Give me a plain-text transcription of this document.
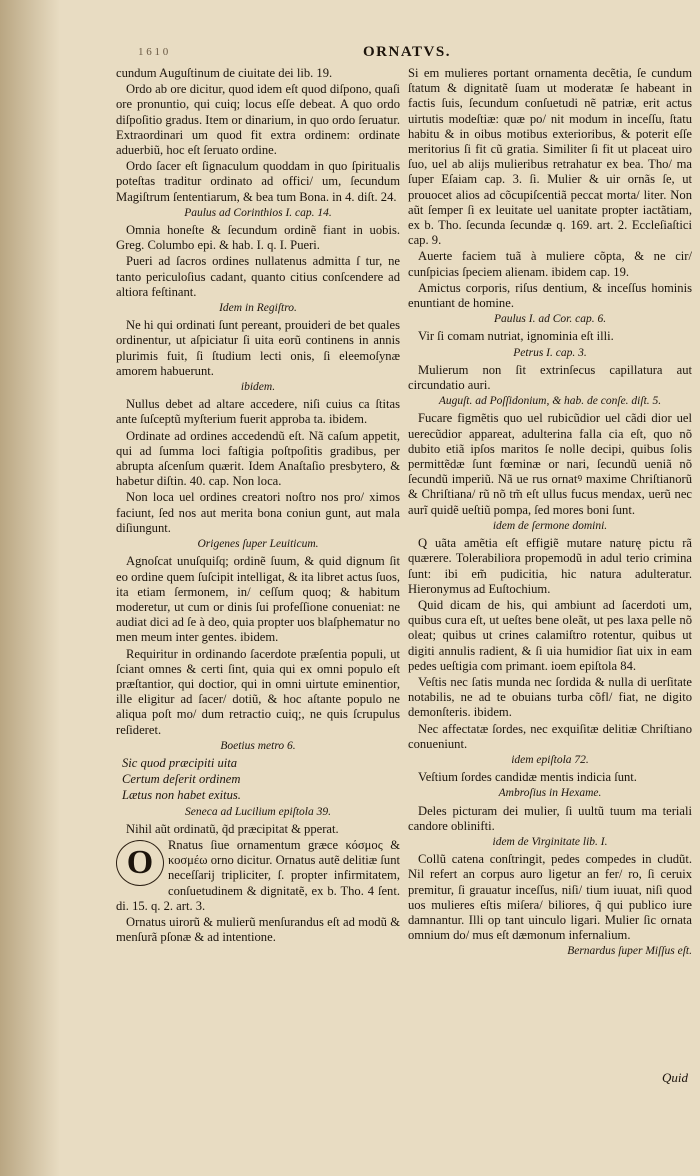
1 6 1 0	ORNATVS.

cundum Auguſtinum de ciuitate dei lib. 19.

Ordo ab ore dicitur, quod idem eſt quod diſpono, quaſi ore pronuntio, qui cuiq; locus eſſe debeat. A quo ordo diſpoſitio gradus. Item or dinarium, in quo ordo ſeruatur. Extraordinari um quod fit extra ordinem: ordinate aduerbiũ, hoc eſt ſeruato ordine.

Ordo ſacer eſt ſignaculum quoddam in quo ſpiritualis poteſtas traditur ordinato ad offici/ um, ſecundum Magiſtrum ſententiarum, & bea tum Bona. in 4. diſt. 24.

Paulus ad Corinthios I. cap. 14.

Omnia honeſte & ſecundum ordinẽ fiant in uobis. Greg. Columbo epi. & hab. I. q. I. Pueri.

Pueri ad ſacros ordines nullatenus admitta ſ tur, ne tanto periculoſius cadant, quanto citius conſcendere ad altiora feſtinant.

Idem in Regiſtro.

Ne hi qui ordinati ſunt pereant, prouideri de bet quales ordinentur, ut aſpiciatur ſi uita eorũ continens in annis plurimis fuit, ſi ſtudium lecti onis, ſi eleemoſynæ amorem habuerunt.

ibidem.

Nullus debet ad altare accedere, niſi cuius ca ſtitas ante ſuſceptũ myſterium fuerit approba ta. ibidem.

Ordinate ad ordines accedendũ eſt. Nã caſum appetit, qui ad ſumma loci faſtigia poſtpoſitis gradibus, per abrupta aſcenſum quærit. Idem Anaſtaſio presbytero, & habetur diſtin. 40. cap. Non loca.

Non loca uel ordines creatori noſtro nos pro/ ximos faciunt, ſed nos aut merita bona coniun gunt, aut mala diſiungunt.

Origenes ſuper Leuiticum.

Agnoſcat unuſquiſq; ordinẽ ſuum, & quid dignum ſit eo ordine quem ſuſcipit intelligat, & ita libret actus ſuos, ita etiam ſermonem, in/ ceſſum quoq; & habitum moderetur, ut cum or dinis ſui profeſſione conueniat: ne audiat dici ad ſe à deo, quia propter uos blaſphematur no men meum inter gentes. ibidem.

Requiritur in ordinando ſacerdote præſentia populi, ut ſciant omnes & certi ſint, quia qui ex omni populo eſt præſtantior, qui doctior, qui in omni uirtute eminentior, ille eligitur ad ſacer/ dotiũ, & hoc aſtante populo ne aliqua poſt mo/ dum retractio cuiq;, ne quis ſcrupulus reſideret.

Boetius metro 6.

Sic quod præcipiti uita

Certum deſerit ordinem

Lætus non habet exitus.

Seneca ad Lucilium epiſtola 39.

Nihil aũt ordinatũ, q̃d præcipitat & pperat.

O	Rnatus ſiue ornamentum græce κόσμος & κοσμέω orno dicitur. Ornatus autẽ delitiæ ſunt neceſſarij tripliciter, ſ. propter infirmitatem, conſuetudinem & dignitatẽ, ex b. Tho. 4 ſent. di. 15. q. 2. art. 3.

Ornatus uirorũ & mulierũ menſurandus eſt ad modũ & menſurã pſonæ & ad intentione.

Si em mulieres portant ornamenta decẽtia, ſe cundum ſtatum & dignitatẽ ſuam ut moderatæ ſe habeant in factis ſuis, ſecundum conſuetudi nẽ patriæ, erit actus uirtutis modeſtiæ: quæ po/ nit modum in inceſſu, ſtatu habitu & in oibus motibus exterioribus, & poterit eſſe meritorius ſi fit cũ gratia. Similiter ſi fit ut placeat uiro ſuo, uel ab alijs mulieribus retrahatur ex bea. Tho/ ma ſuper Eſaiam cap. 3. ſi. Mulier & uir ornãs ſe, ut prouocet alios ad cõcupiſcentiã peccat morta/ liter. Non aũt ſemper ſi ex leuitate uel uanitate propter iactãtiam, ex b. Tho. ſecunda ſecundæ q. 169. art. 2. Eccleſiaſtici cap. 9.

Auerte faciem tuã à muliere cõpta, & ne cir/ cunſpicias ſpeciem alienam. ibidem cap. 19.

Amictus corporis, riſus dentium, & inceſſus hominis enuntiant de homine.

Paulus I. ad Cor. cap. 6.

Vir ſi comam nutriat, ignominia eſt illi.

Petrus I. cap. 3.

Mulierum non ſit extrinſecus capillatura aut circundatio auri.

Auguſt. ad Poſſidonium, & hab. de conſe. diſt. 5.

Fucare figmẽtis quo uel rubicũdior uel cãdi dior uel uerecũdior appareat, adulterina falla cia eſt, quo nõ dubito etiã ipſos maritos ſe nolle decipi, quibus ſolis permittẽdæ ſunt fœminæ or nari, ſecundũ ueniã nõ ſecundũ imperiũ. Nã ue rus ornatꝰ maxime Chriſtianorũ & Chriſtiana/ rũ nõ tm̃ eſt ullus fucus mendax, uerũ nec aurĩ quidẽ ueſtiũ pompa, ſed mores boni ſunt.

idem de ſermone domini.

Q uãta amẽtia eſt effigiẽ mutare naturę pictu rã quærere. Tolerabiliora propemodũ in adul terio crimina ſunt: ibi em̃ pudicitia, hic natura adulteratur. Hieronymus ad Euſtochium.

Quid dicam de his, qui ambiunt ad ſacerdoti um, quibus cura eſt, ut ueſtes bene oleãt, ut pes laxa pelle nõ oleat; quibus ut crines calamiſtro rotentur, quibus ut digiti annulis radient, & ſi uia humidior ſiat uix in eam pedes ueſtigia com primant. ioem epiſtola 84.

Veſtis nec ſatis munda nec ſordida & nulla di uerſitate notabilis, ne ad te obuians turba cõfl/ fiat, ne digito demonſteris. ibidem.

Nec affectatæ ſordes, nec exquiſitæ delitiæ Chriſtiano conueniunt.

idem epiſtola 72.

Veſtium ſordes candidæ mentis indicia ſunt.

Ambroſius in Hexame.

Deles picturam dei mulier, ſi uultũ tuum ma teriali candore oblinifti.

idem de Virginitate lib. I.

Collũ catena conſtringit, pedes compedes in cludũt. Nil refert an corpus auro ligetur an fer/ ro, ſi ceruix premitur, ſi grauatur inceſſus, niſi/ tium iuuat, niſi quod uos mulieres eſtis miſera/ biliores, q̃ qui publico iure damnantur. Illi op tant uinculo ligari. Mulier ſic ornata omnium do/ mus eſt dæmonum infernalium.

Bernardus ſuper Miſſus eſt.

Quid
